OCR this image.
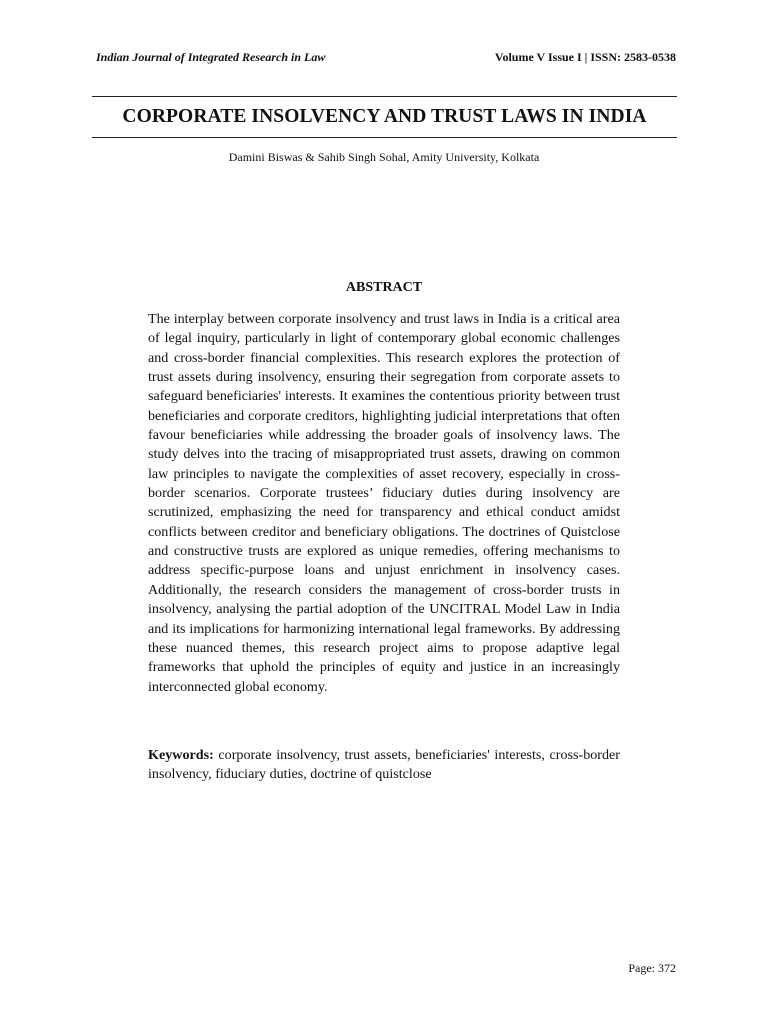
Indian Journal of Integrated Research in Law	Volume V Issue I | ISSN: 2583-0538
CORPORATE INSOLVENCY AND TRUST LAWS IN INDIA
Damini Biswas & Sahib Singh Sohal, Amity University, Kolkata
ABSTRACT

The interplay between corporate insolvency and trust laws in India is a critical area of legal inquiry, particularly in light of contemporary global economic challenges and cross-border financial complexities. This research explores the protection of trust assets during insolvency, ensuring their segregation from corporate assets to safeguard beneficiaries' interests. It examines the contentious priority between trust beneficiaries and corporate creditors, highlighting judicial interpretations that often favour beneficiaries while addressing the broader goals of insolvency laws. The study delves into the tracing of misappropriated trust assets, drawing on common law principles to navigate the complexities of asset recovery, especially in cross-border scenarios. Corporate trustees’ fiduciary duties during insolvency are scrutinized, emphasizing the need for transparency and ethical conduct amidst conflicts between creditor and beneficiary obligations. The doctrines of Quistclose and constructive trusts are explored as unique remedies, offering mechanisms to address specific-purpose loans and unjust enrichment in insolvency cases. Additionally, the research considers the management of cross-border trusts in insolvency, analysing the partial adoption of the UNCITRAL Model Law in India and its implications for harmonizing international legal frameworks. By addressing these nuanced themes, this research project aims to propose adaptive legal frameworks that uphold the principles of equity and justice in an increasingly interconnected global economy.

Keywords: corporate insolvency, trust assets, beneficiaries' interests, cross-border insolvency, fiduciary duties, doctrine of quistclose

Page: 372
